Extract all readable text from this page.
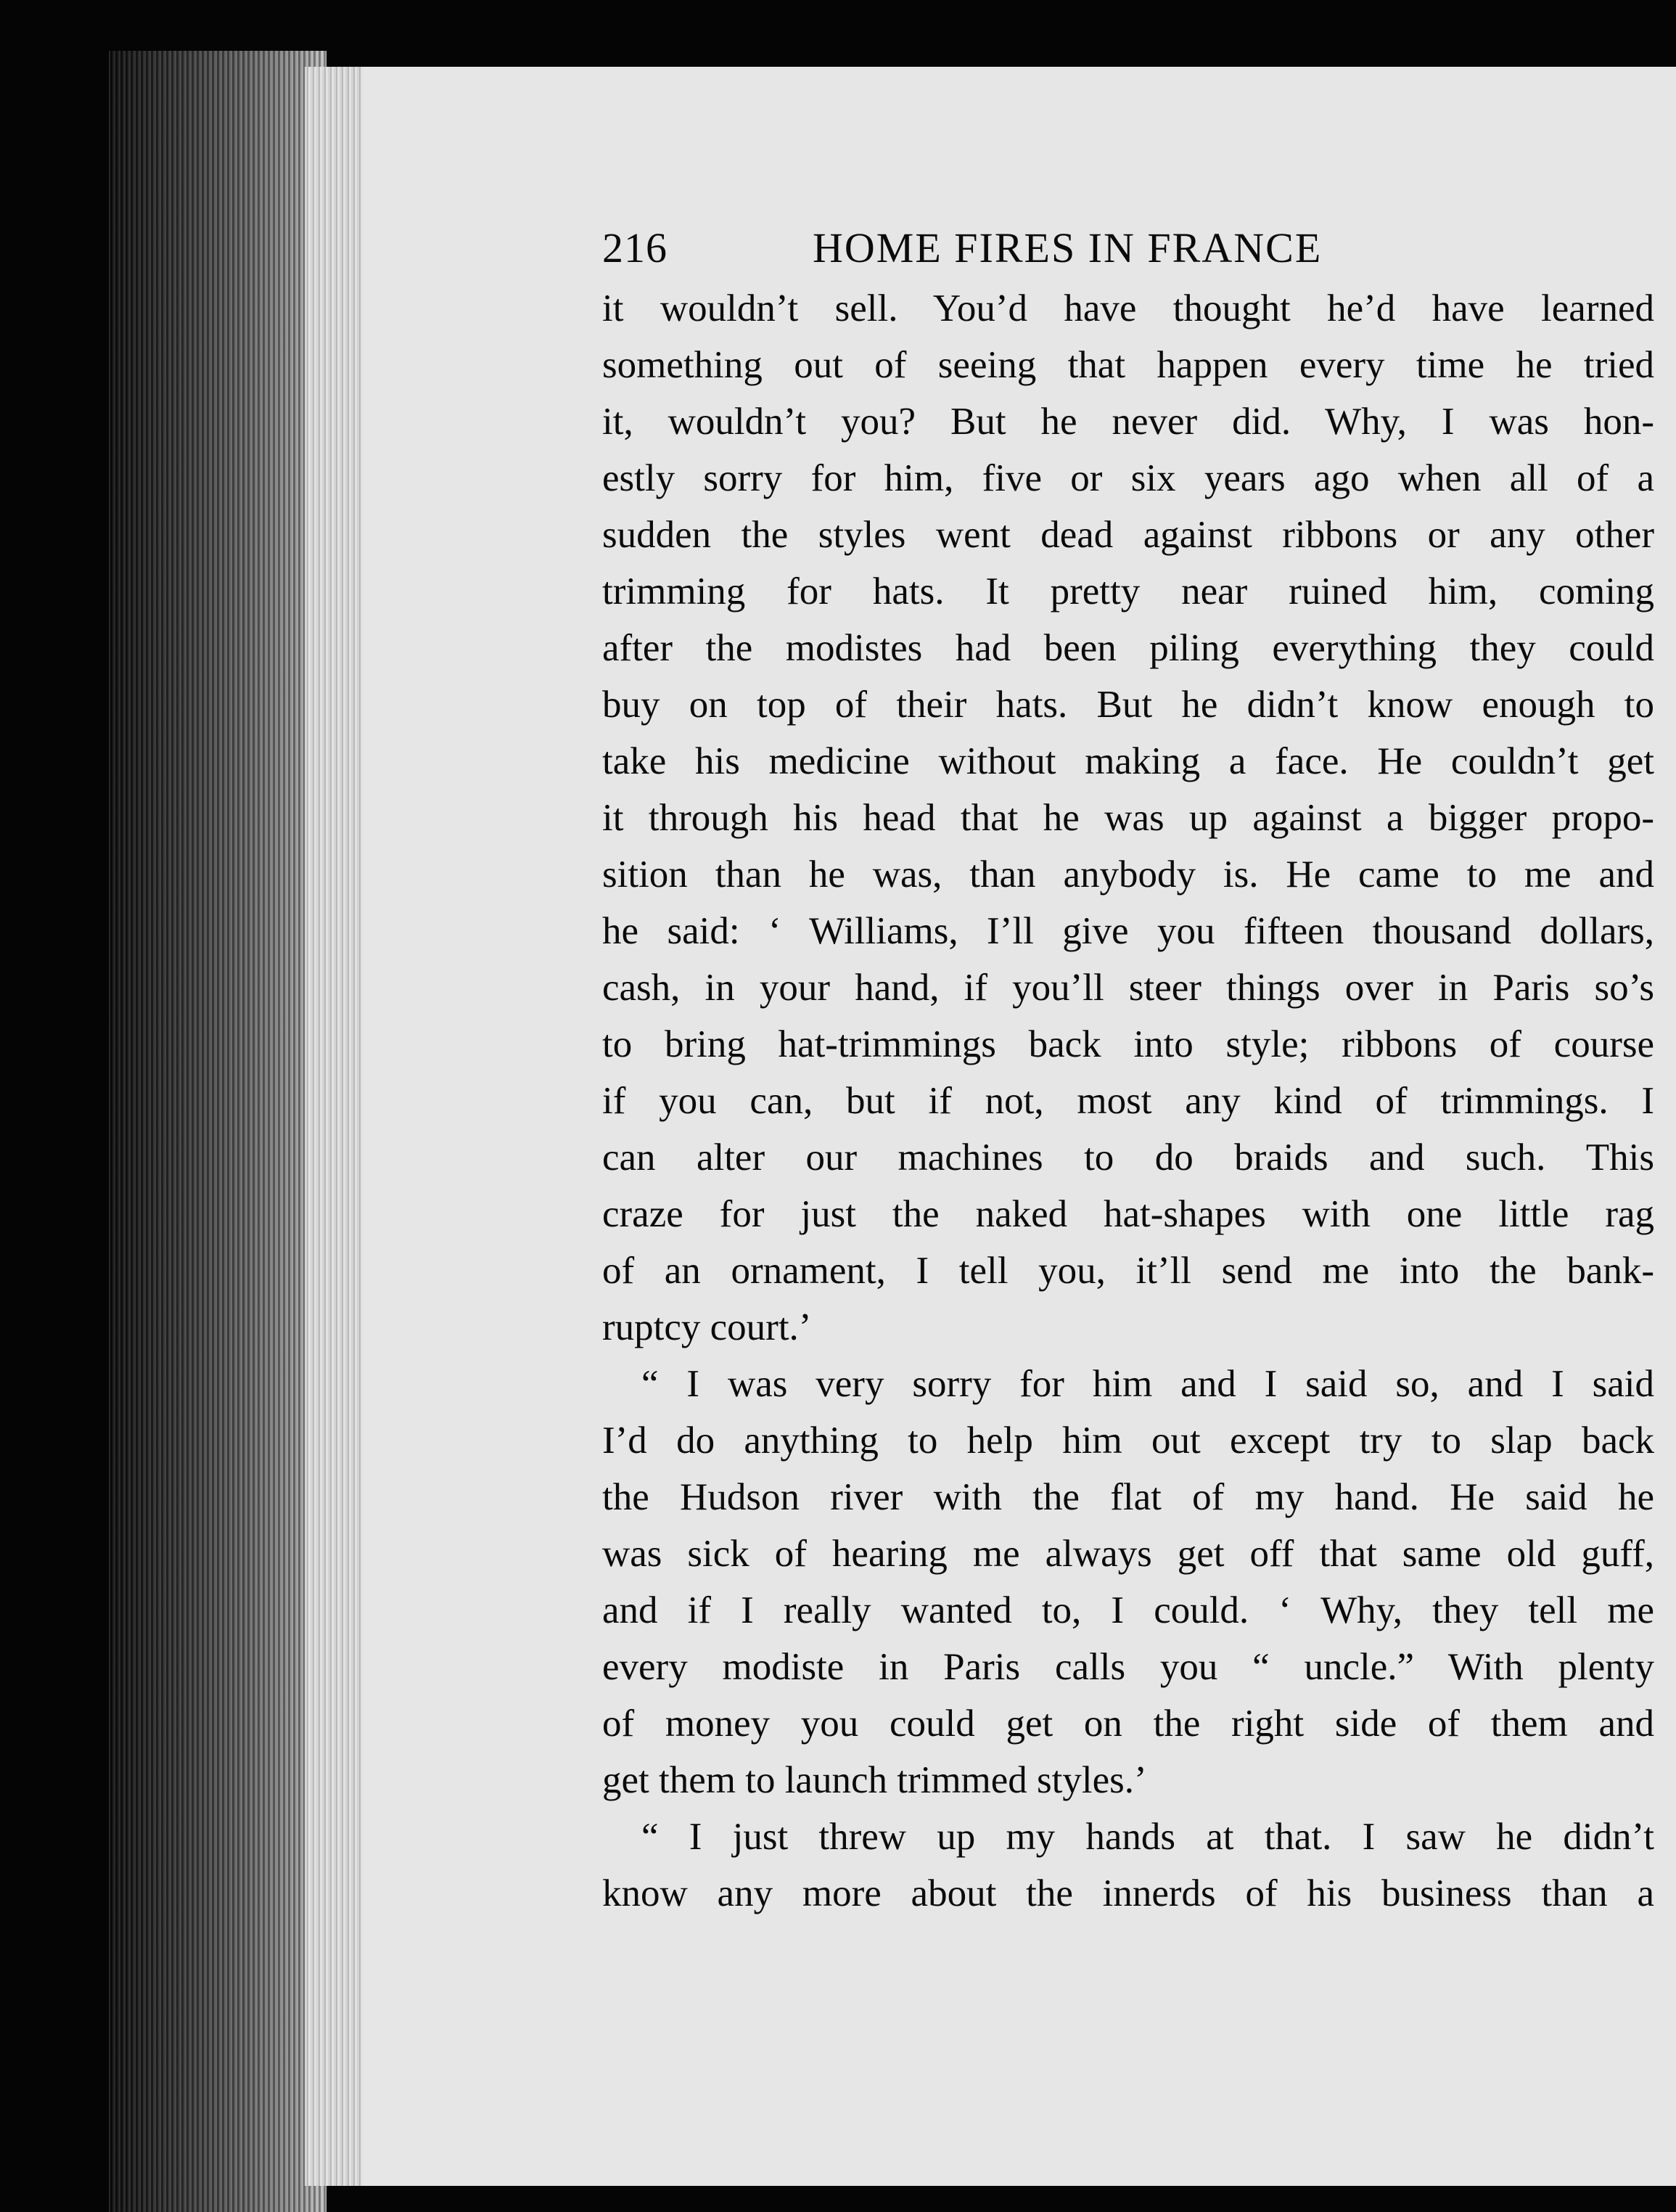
216	HOME FIRES IN FRANCE
it wouldn’t sell. You’d have thought he’d have learned
something out of seeing that happen every time he tried
it, wouldn’t you? But he never did. Why, I was hon-
estly sorry for him, five or six years ago when all of a
sudden the styles went dead against ribbons or any other
trimming for hats. It pretty near ruined him, coming
after the modistes had been piling everything they could
buy on top of their hats. But he didn’t know enough to
take his medicine without making a face. He couldn’t get
it through his head that he was up against a bigger propo-
sition than he was, than anybody is. He came to me and
he said: ‘ Williams, I’ll give you fifteen thousand dollars,
cash, in your hand, if you’ll steer things over in Paris so’s
to bring hat-trimmings back into style; ribbons of course
if you can, but if not, most any kind of trimmings. I
can alter our machines to do braids and such. This
craze for just the naked hat-shapes with one little rag
of an ornament, I tell you, it’ll send me into the bank-
ruptcy court.’
“ I was very sorry for him and I said so, and I said
I’d do anything to help him out except try to slap back
the Hudson river with the flat of my hand. He said he
was sick of hearing me always get off that same old guff,
and if I really wanted to, I could. ‘ Why, they tell me
every modiste in Paris calls you “ uncle.” With plenty
of money you could get on the right side of them and
get them to launch trimmed styles.’
“ I just threw up my hands at that. I saw he didn’t
know any more about the innerds of his business than a
